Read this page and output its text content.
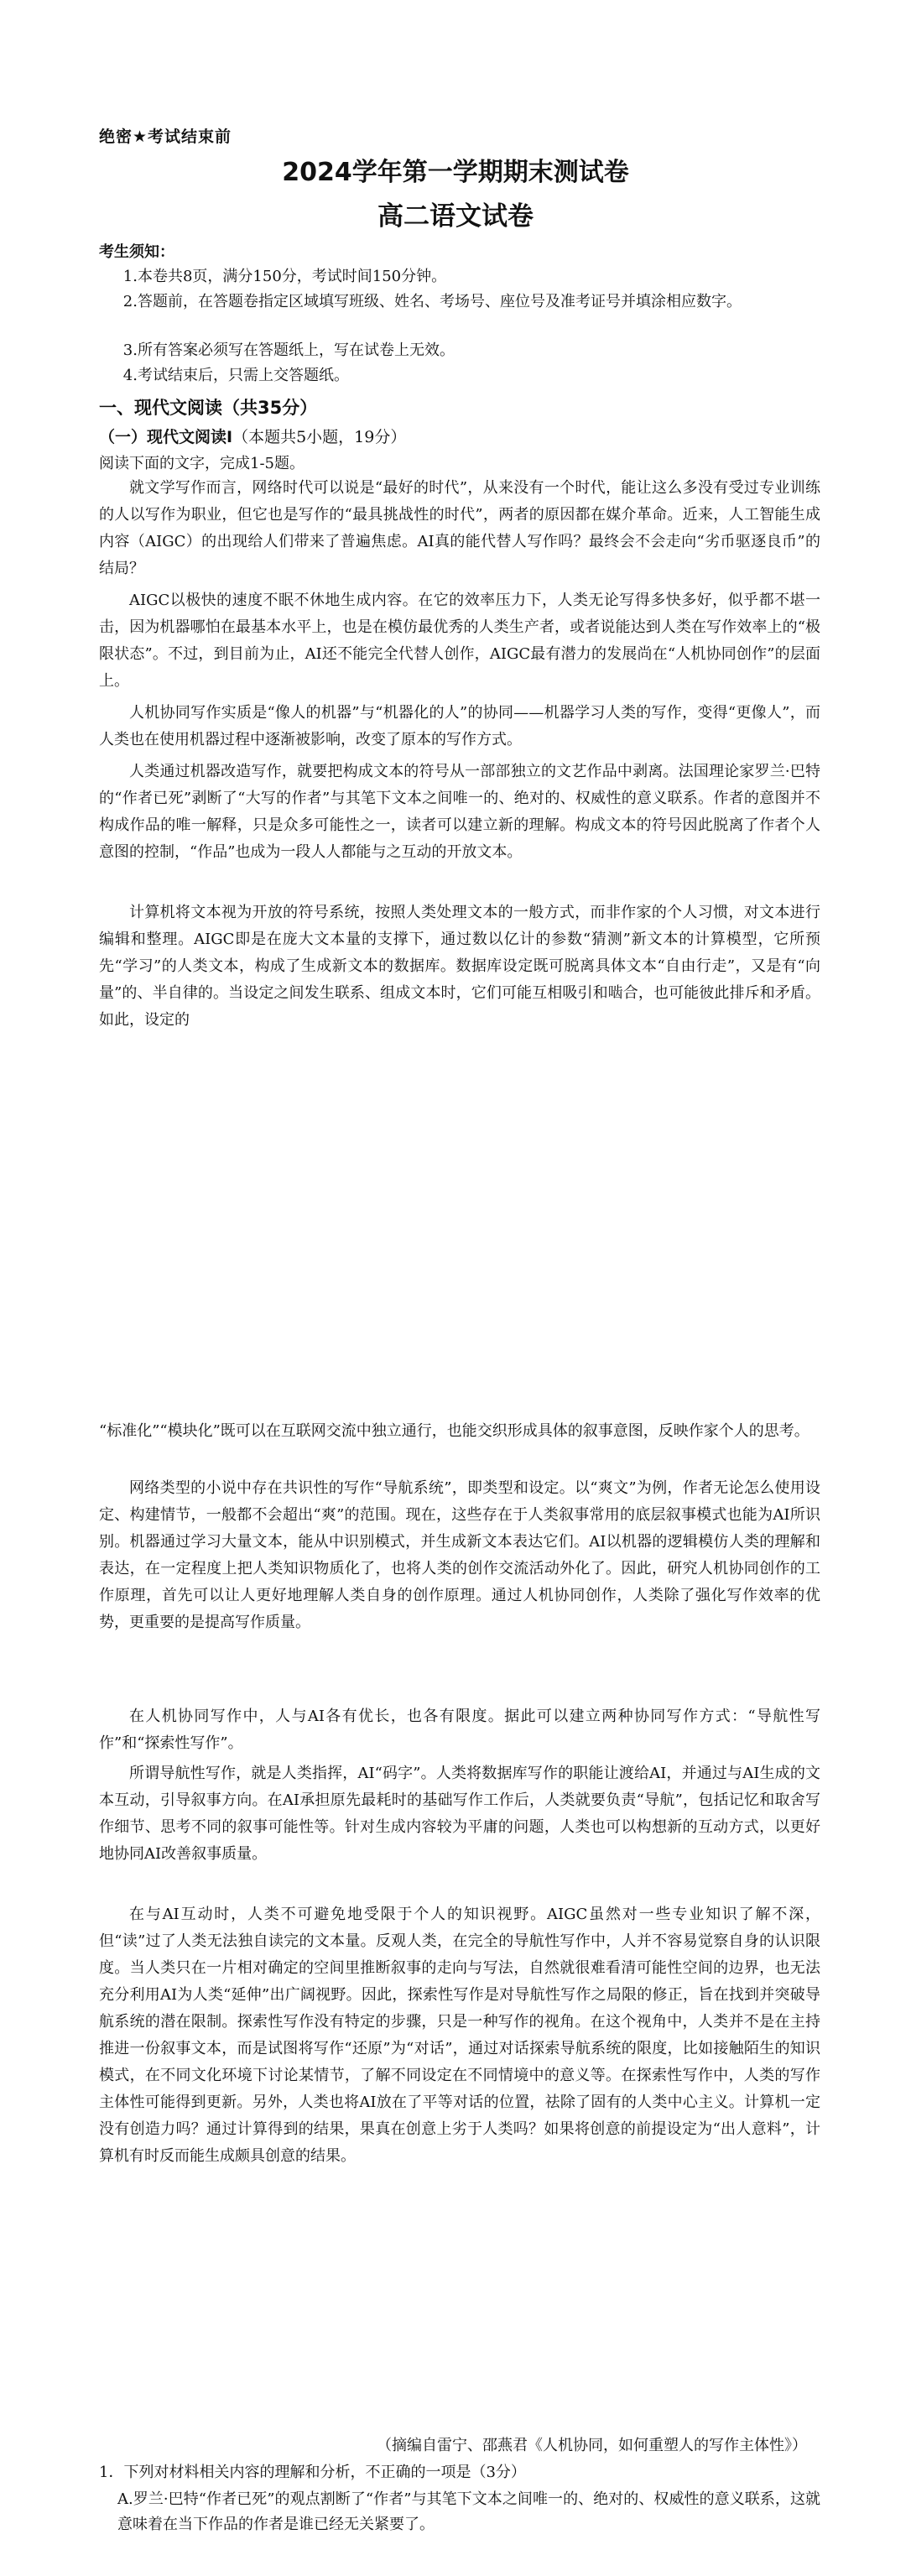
绝密★考试结束前
2024学年第一学期期末测试卷
高二语文试卷
考生须知：
1.本卷共8页，满分150分，考试时间150分钟。
2.答题前，在答题卷指定区域填写班级、姓名、考场号、座位号及准考证号并填涂相应数字。
3.所有答案必须写在答题纸上，写在试卷上无效。
4.考试结束后，只需上交答题纸。
一、现代文阅读（共35分）
（一）现代文阅读Ⅰ（本题共5小题，19分）
阅读下面的文字，完成1-5题。

就文学写作而言，网络时代可以说是“最好的时代”，从来没有一个时代，能让这么多没有受过专业训练的人以写作为职业，但它也是写作的“最具挑战性的时代”，两者的原因都在媒介革命。近来，人工智能生成内容（AIGC）的出现给人们带来了普遍焦虑。AI真的能代替人写作吗？最终会不会走向“劣币驱逐良币”的结局？

AIGC以极快的速度不眠不休地生成内容。在它的效率压力下，人类无论写得多快多好，似乎都不堪一击，因为机器哪怕在最基本水平上，也是在模仿最优秀的人类生产者，或者说能达到人类在写作效率上的“极限状态”。不过，到目前为止，AI还不能完全代替人创作，AIGC最有潜力的发展尚在“人机协同创作”的层面上。

人机协同写作实质是“像人的机器”与“机器化的人”的协同——机器学习人类的写作，变得“更像人”，而人类也在使用机器过程中逐渐被影响，改变了原本的写作方式。

人类通过机器改造写作，就要把构成文本的符号从一部部独立的文艺作品中剥离。法国理论家罗兰·巴特的“作者已死”剥断了“大写的作者”与其笔下文本之间唯一的、绝对的、权威性的意义联系。作者的意图并不构成作品的唯一解释，只是众多可能性之一，读者可以建立新的理解。构成文本的符号因此脱离了作者个人意图的控制，“作品”也成为一段人人都能与之互动的开放文本。

计算机将文本视为开放的符号系统，按照人类处理文本的一般方式，而非作家的个人习惯，对文本进行编辑和整理。AIGC即是在庞大文本量的支撑下，通过数以亿计的参数“猜测”新文本的计算模型，它所预先“学习”的人类文本，构成了生成新文本的数据库。数据库设定既可脱离具体文本“自由行走”，又是有“向量”的、半自律的。当设定之间发生联系、组成文本时，它们可能互相吸引和啮合，也可能彼此排斥和矛盾。如此，设定的

“标准化”“模块化”既可以在互联网交流中独立通行，也能交织形成具体的叙事意图，反映作家个人的思考。

网络类型的小说中存在共识性的写作“导航系统”，即类型和设定。以“爽文”为例，作者无论怎么使用设定、构建情节，一般都不会超出“爽”的范围。现在，这些存在于人类叙事常用的底层叙事模式也能为AI所识别。机器通过学习大量文本，能从中识别模式，并生成新文本表达它们。AI以机器的逻辑模仿人类的理解和表达，在一定程度上把人类知识物质化了，也将人类的创作交流活动外化了。因此，研究人机协同创作的工作原理，首先可以让人更好地理解人类自身的创作原理。通过人机协同创作，人类除了强化写作效率的优势，更重要的是提高写作质量。

在人机协同写作中，人与AI各有优长，也各有限度。据此可以建立两种协同写作方式：“导航性写作”和“探索性写作”。

所谓导航性写作，就是人类指挥，AI“码字”。人类将数据库写作的职能让渡给AI，并通过与AI生成的文本互动，引导叙事方向。在AI承担原先最耗时的基础写作工作后，人类就要负责“导航”，包括记忆和取舍写作细节、思考不同的叙事可能性等。针对生成内容较为平庸的问题，人类也可以构想新的互动方式，以更好地协同AI改善叙事质量。

在与AI互动时，人类不可避免地受限于个人的知识视野。AIGC虽然对一些专业知识了解不深，但“读”过了人类无法独自读完的文本量。反观人类，在完全的导航性写作中，人并不容易觉察自身的认识限度。当人类只在一片相对确定的空间里推断叙事的走向与写法，自然就很难看清可能性空间的边界，也无法充分利用AI为人类“延伸”出广阔视野。因此，探索性写作是对导航性写作之局限的修正，旨在找到并突破导航系统的潜在限制。探索性写作没有特定的步骤，只是一种写作的视角。在这个视角中，人类并不是在主持推进一份叙事文本，而是试图将写作“还原”为“对话”，通过对话探索导航系统的限度，比如接触陌生的知识模式，在不同文化环境下讨论某情节，了解不同设定在不同情境中的意义等。在探索性写作中，人类的写作主体性可能得到更新。另外，人类也将AI放在了平等对话的位置，祛除了固有的人类中心主义。计算机一定没有创造力吗？通过计算得到的结果，果真在创意上劣于人类吗？如果将创意的前提设定为“出人意料”，计算机有时反而能生成颇具创意的结果。

（摘编自雷宁、邵燕君《人机协同，如何重塑人的写作主体性》）
1．下列对材料相关内容的理解和分析，不正确的一项是（3分）

A.罗兰·巴特“作者已死”的观点割断了“作者”与其笔下文本之间唯一的、绝对的、权威性的意义联系，这就意味着在当下作品的作者是谁已经无关紧要了。
